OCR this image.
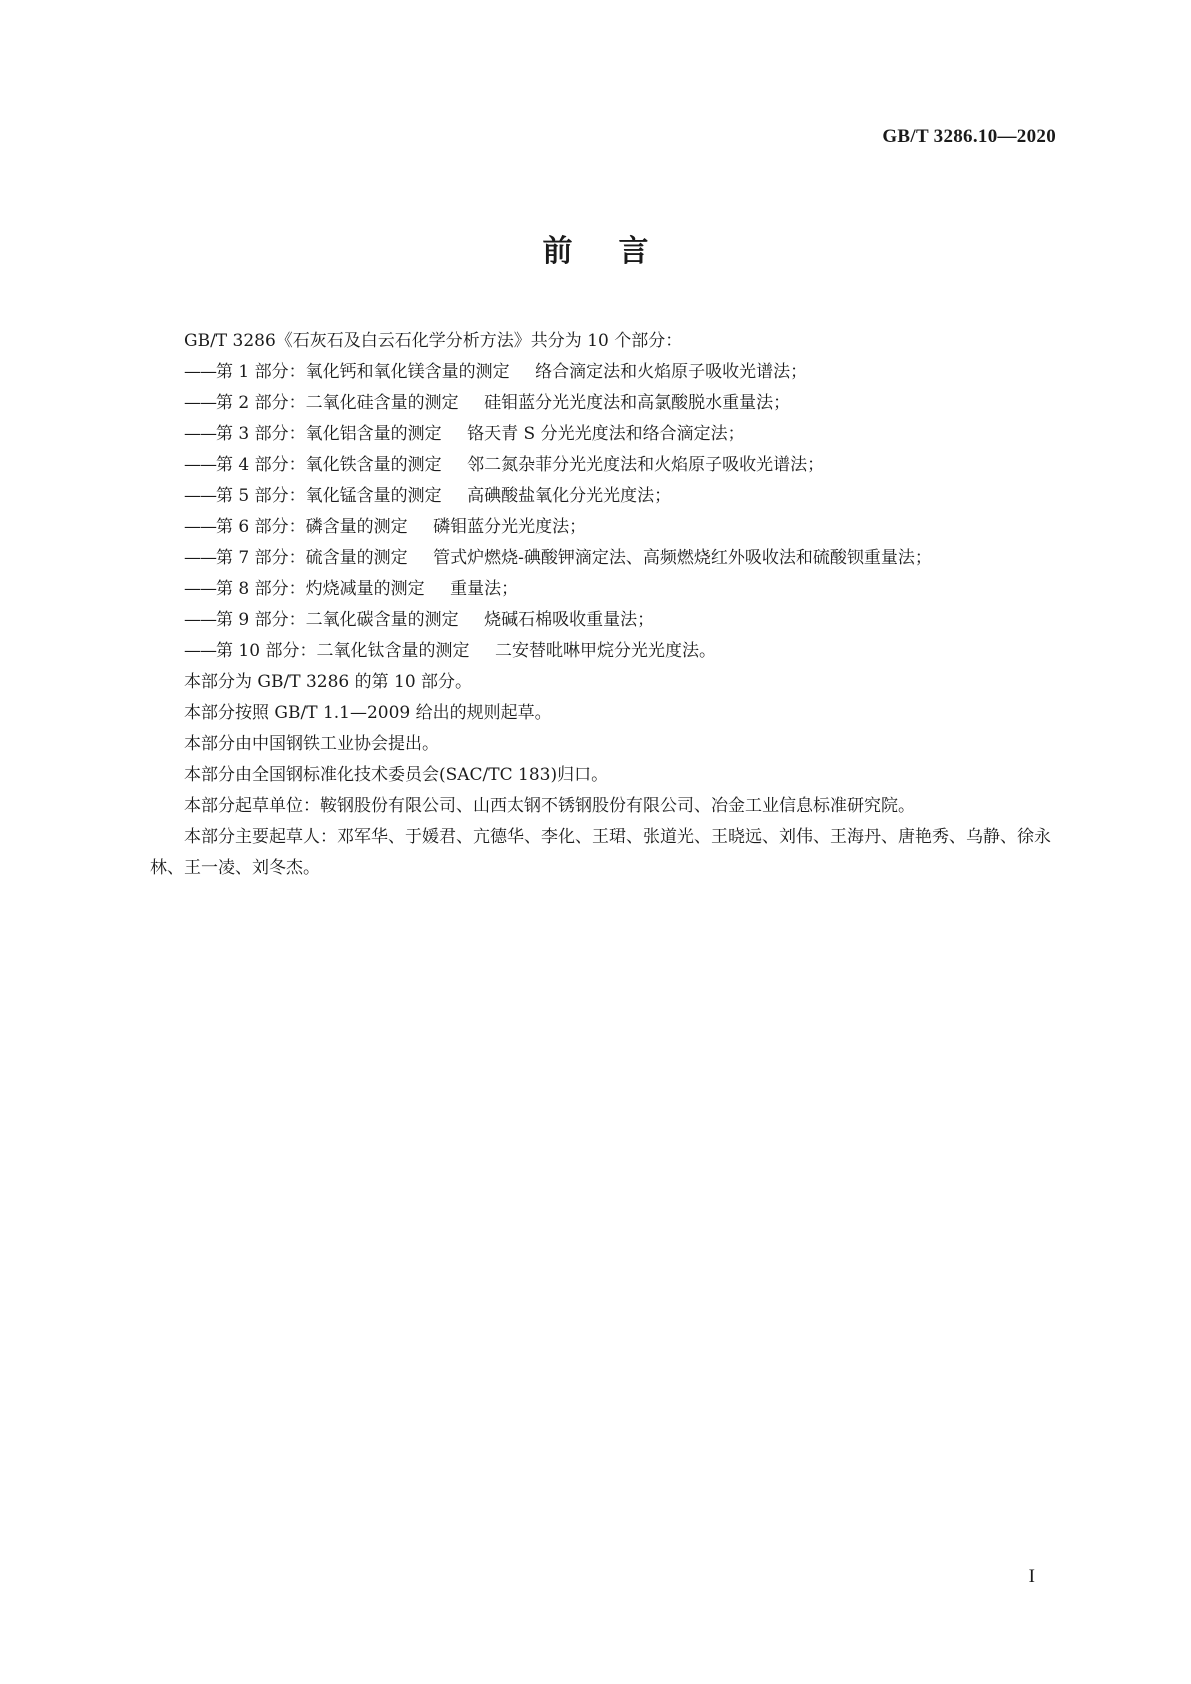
GB/T 3286.10—2020
前言

GB/T 3286《石灰石及白云石化学分析方法》共分为 10 个部分：

——第 1 部分：氧化钙和氧化镁含量的测定 络合滴定法和火焰原子吸收光谱法；

——第 2 部分：二氧化硅含量的测定 硅钼蓝分光光度法和高氯酸脱水重量法；

——第 3 部分：氧化铝含量的测定 铬天青 S 分光光度法和络合滴定法；

——第 4 部分：氧化铁含量的测定 邻二氮杂菲分光光度法和火焰原子吸收光谱法；

——第 5 部分：氧化锰含量的测定 高碘酸盐氧化分光光度法；

——第 6 部分：磷含量的测定 磷钼蓝分光光度法；

——第 7 部分：硫含量的测定 管式炉燃烧-碘酸钾滴定法、高频燃烧红外吸收法和硫酸钡重量法；

——第 8 部分：灼烧减量的测定 重量法；

——第 9 部分：二氧化碳含量的测定 烧碱石棉吸收重量法；

——第 10 部分：二氧化钛含量的测定 二安替吡啉甲烷分光光度法。

本部分为 GB/T 3286 的第 10 部分。

本部分按照 GB/T 1.1—2009 给出的规则起草。

本部分由中国钢铁工业协会提出。

本部分由全国钢标准化技术委员会(SAC/TC 183)归口。

本部分起草单位：鞍钢股份有限公司、山西太钢不锈钢股份有限公司、冶金工业信息标准研究院。

本部分主要起草人：邓军华、于媛君、亢德华、李化、王珺、张道光、王晓远、刘伟、王海丹、唐艳秀、乌静、徐永林、王一凌、刘冬杰。

I
